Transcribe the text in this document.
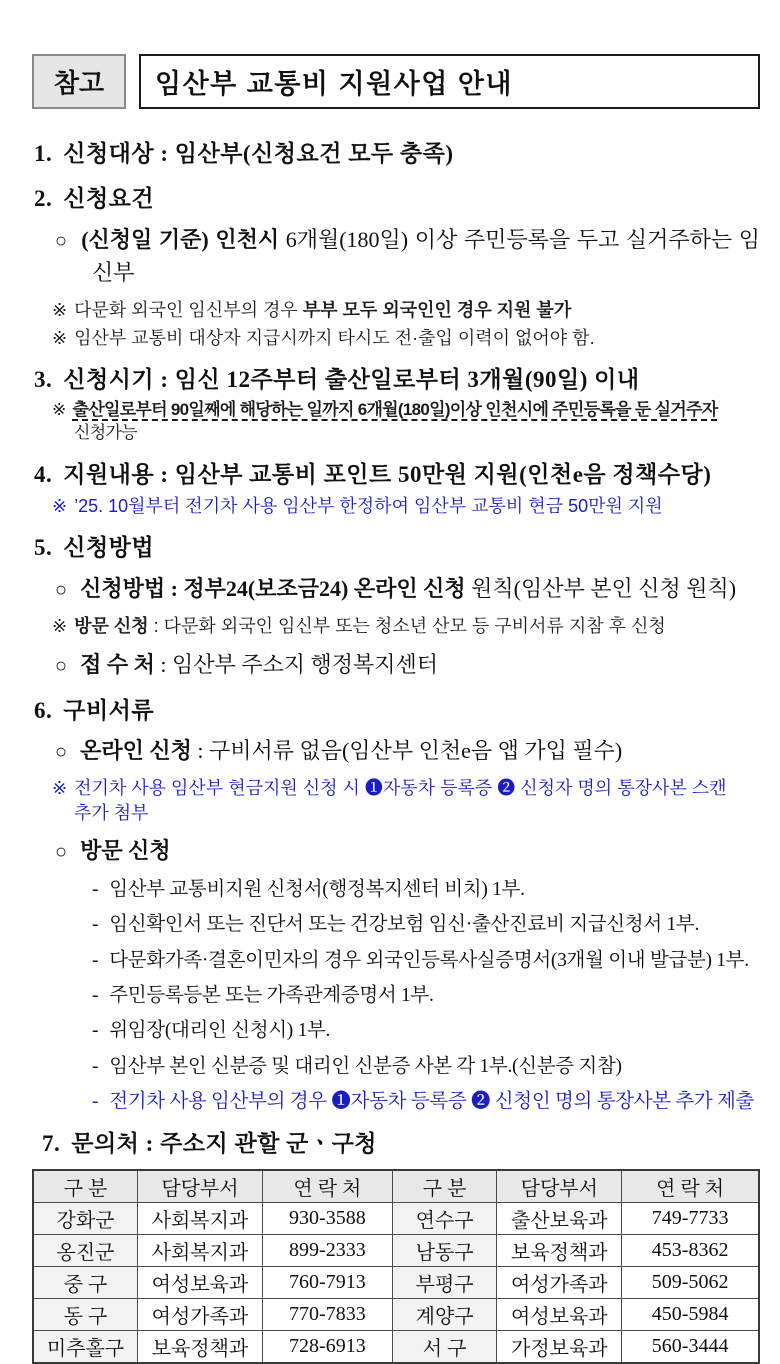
참고	임산부 교통비 지원사업 안내
1. 신청대상 : 임산부(신청요건 모두 충족)
2. 신청요건
○ (신청일 기준) 인천시 6개월(180일) 이상 주민등록을 두고 실거주하는 임신부
※ 다문화 외국인 임신부의 경우 부부 모두 외국인인 경우 지원 불가
※ 임산부 교통비 대상자 지급시까지 타시도 전·출입 이력이 없어야 함.
3. 신청시기 : 임신 12주부터 출산일로부터 3개월(90일) 이내
※ 출산일로부터 90일째에 해당하는 일까지 6개월(180일)이상 인천시에 주민등록을 둔 실거주자 신청가능
4. 지원내용 : 임산부 교통비 포인트 50만원 지원(인천e음 정책수당)
※ ’25. 10월부터 전기차 사용 임산부 한정하여 임산부 교통비 현금 50만원 지원
5. 신청방법
○ 신청방법 : 정부24(보조금24) 온라인 신청 원칙(임산부 본인 신청 원칙)
※ 방문 신청 : 다문화 외국인 임신부 또는 청소년 산모 등 구비서류 지참 후 신청
○ 접 수 처 : 임산부 주소지 행정복지센터
6. 구비서류
○ 온라인 신청 : 구비서류 없음(임산부 인천e음 앱 가입 필수)
※ 전기차 사용 임산부 현금지원 신청 시 ❶자동차 등록증 ❷ 신청자 명의 통장사본 스캔 추가 첨부
○ 방문 신청
- 임산부 교통비지원 신청서(행정복지센터 비치) 1부.
- 임신확인서 또는 진단서 또는 건강보험 임신·출산진료비 지급신청서 1부.
- 다문화가족·결혼이민자의 경우 외국인등록사실증명서(3개월 이내 발급분) 1부.
- 주민등록등본 또는 가족관계증명서 1부.
- 위임장(대리인 신청시) 1부.
- 임산부 본인 신분증 및 대리인 신분증 사본 각 1부.(신분증 지참)
- 전기차 사용 임산부의 경우 ❶자동차 등록증 ❷ 신청인 명의 통장사본 추가 제출
7. 문의처 : 주소지 관할 군ㆍ구청
구 분	담당부서	연 락 처	구 분	담당부서	연 락 처
강화군	사회복지과	930-3588	연수구	출산보육과	749-7733
옹진군	사회복지과	899-2333	남동구	보육정책과	453-8362
중 구	여성보육과	760-7913	부평구	여성가족과	509-5062
동 구	여성가족과	770-7833	계양구	여성보육과	450-5984
미추홀구	보육정책과	728-6913	서 구	가정보육과	560-3444
